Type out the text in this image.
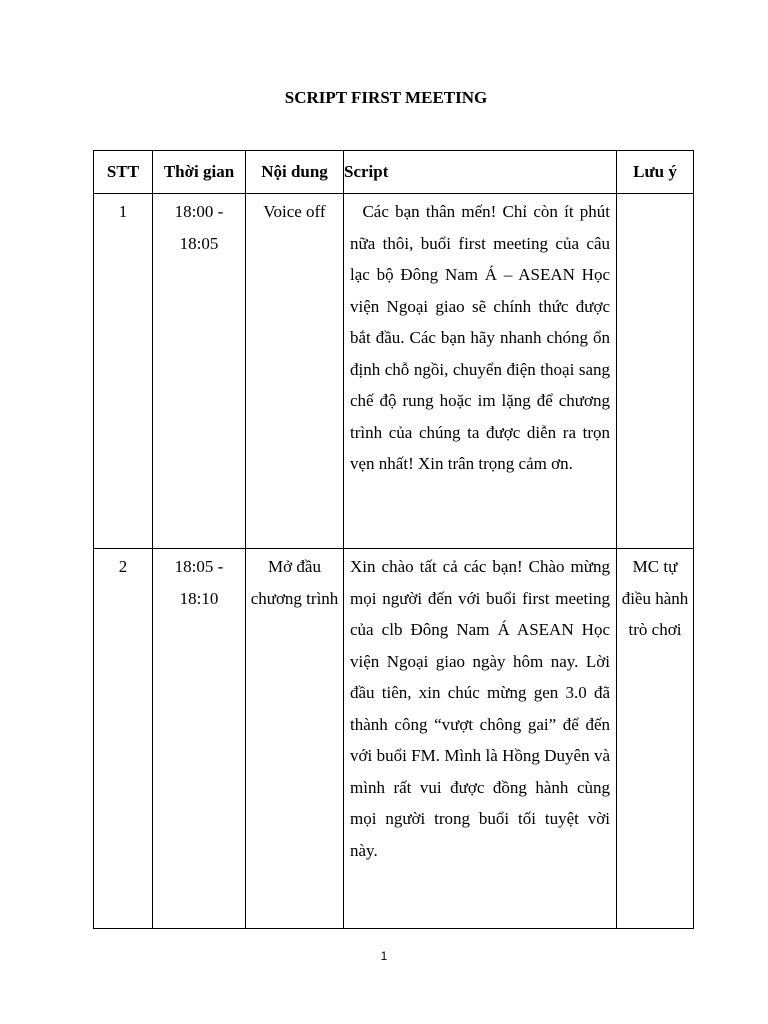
SCRIPT FIRST MEETING
STT	Thời gian	Nội dung	Script	Lưu ý

1	18:00 - 18:05	Voice off	Các bạn thân mến! Chỉ còn ít phút nữa thôi, buổi first meeting của câu lạc bộ Đông Nam Á – ASEAN Học viện Ngoại giao sẽ chính thức được bắt đầu. Các bạn hãy nhanh chóng ổn định chỗ ngồi, chuyển điện thoại sang chế độ rung hoặc im lặng để chương trình của chúng ta được diễn ra trọn vẹn nhất! Xin trân trọng cảm ơn.	

2	18:05 - 18:10	Mở đầu chương trình	Xin chào tất cả các bạn! Chào mừng mọi người đến với buổi first meeting của clb Đông Nam Á ASEAN Học viện Ngoại giao ngày hôm nay. Lời đầu tiên, xin chúc mừng gen 3.0 đã thành công “vượt chông gai” để đến với buổi FM. Mình là Hồng Duyên và mình rất vui được đồng hành cùng mọi người trong buổi tối tuyệt vời này.	MC tự điều hành trò chơi
1
